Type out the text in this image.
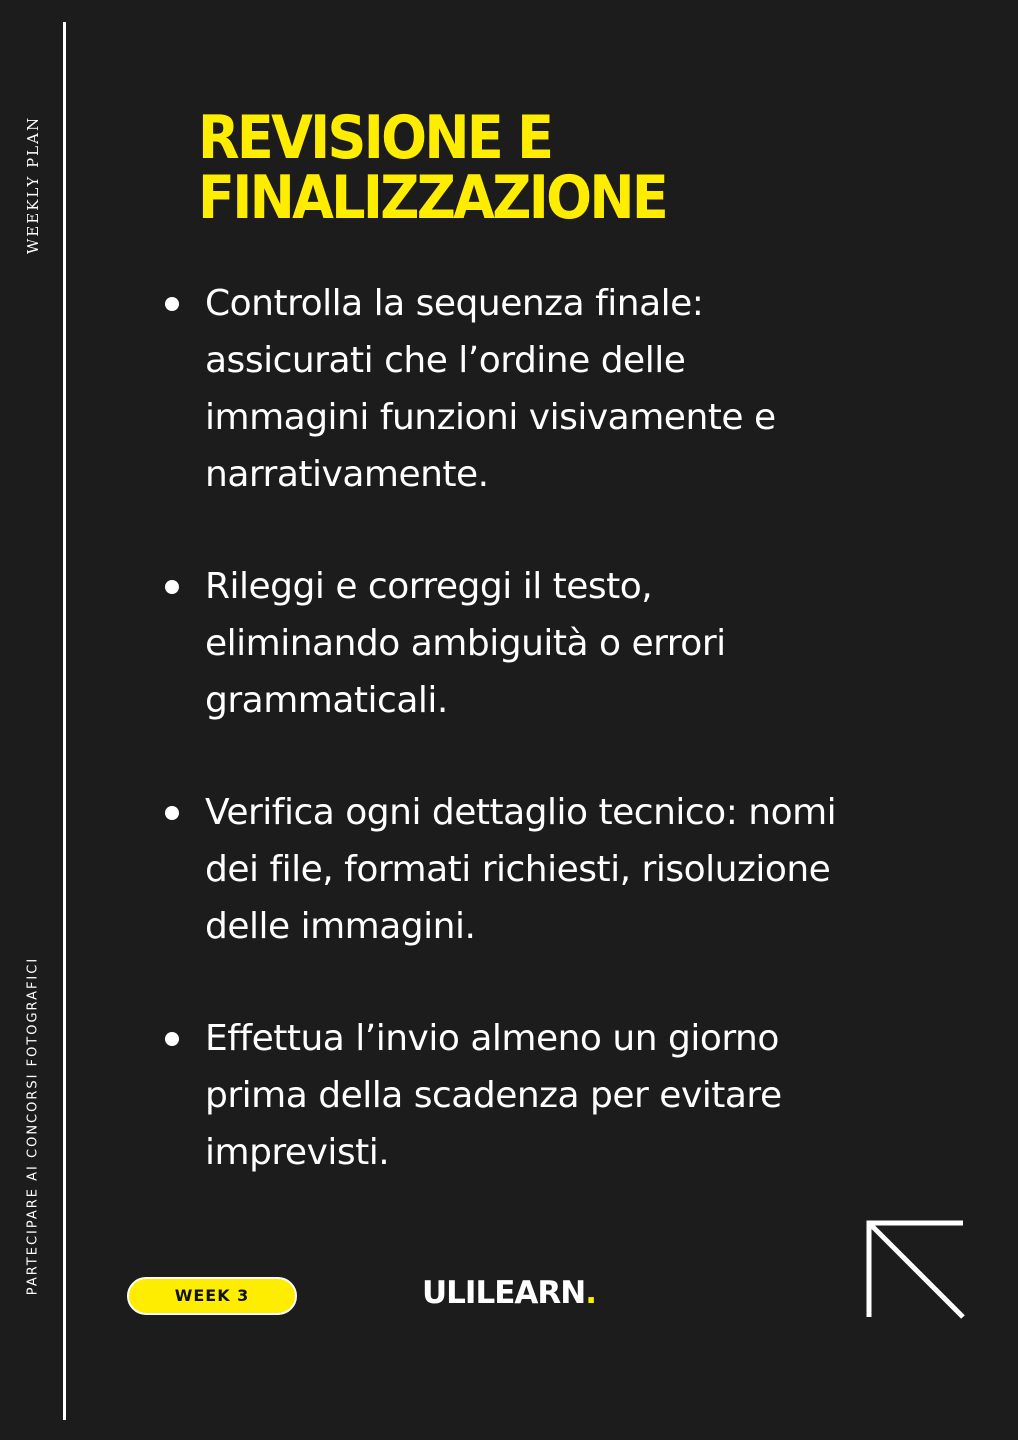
WEEKLY PLAN
PARTECIPARE AI CONCORSI FOTOGRAFICI
REVISIONE E
FINALIZZAZIONE
Controlla la sequenza finale: assicurati che l’ordine delle immagini funzioni visivamente e narrativamente.
Rileggi e correggi il testo, eliminando ambiguità o errori grammaticali.
Verifica ogni dettaglio tecnico: nomi dei file, formati richiesti, risoluzione delle immagini.
Effettua l’invio almeno un giorno prima della scadenza per evitare imprevisti.
WEEK 3	ULILEARN.
